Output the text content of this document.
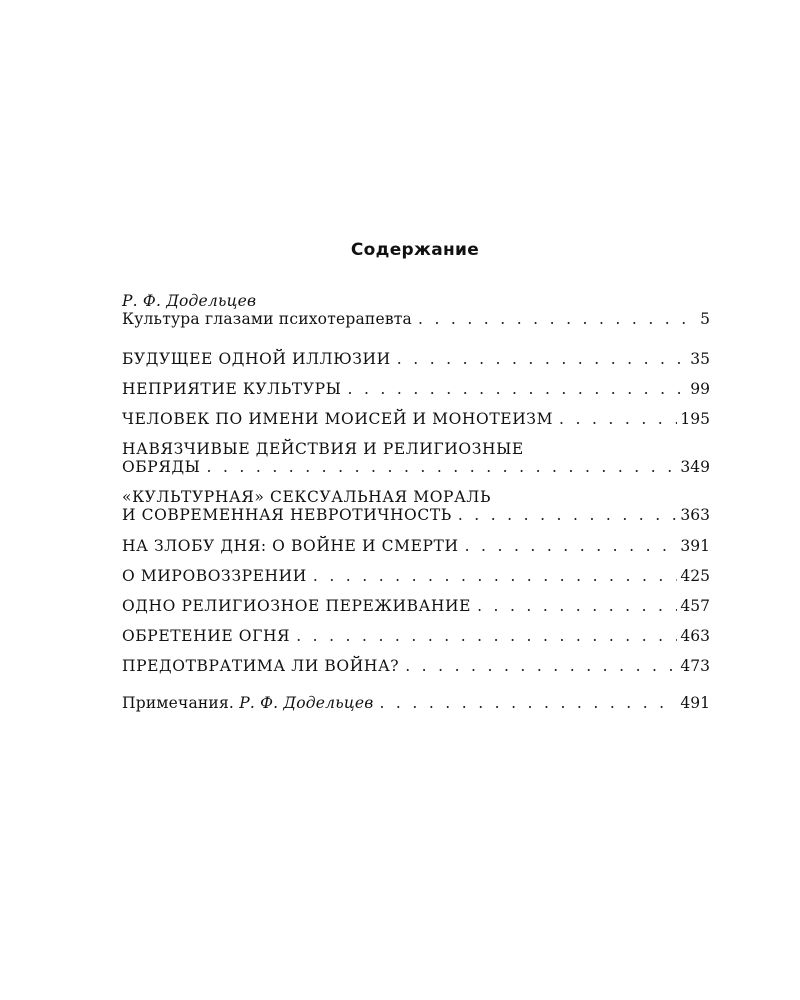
Содержание
Р. Ф. Додельцев
Культура глазами психотерапевта . . .	5
БУДУЩЕЕ ОДНОЙ ИЛЛЮЗИИ . . .	35
НЕПРИЯТИЕ КУЛЬТУРЫ . . .	99
ЧЕЛОВЕК ПО ИМЕНИ МОИСЕЙ И МОНОТЕИЗМ . . .	195
НАВЯЗЧИВЫЕ ДЕЙСТВИЯ И РЕЛИГИОЗНЫЕ
ОБРЯДЫ . . .	349
«КУЛЬТУРНАЯ» СЕКСУАЛЬНАЯ МОРАЛЬ
И СОВРЕМЕННАЯ НЕВРОТИЧНОСТЬ . . .	363
НА ЗЛОБУ ДНЯ: О ВОЙНЕ И СМЕРТИ . . .	391
О МИРОВОЗЗРЕНИИ . . .	425
ОДНО РЕЛИГИОЗНОЕ ПЕРЕЖИВАНИЕ . . .	457
ОБРЕТЕНИЕ ОГНЯ . . .	463
ПРЕДОТВРАТИМА ЛИ ВОЙНА? . . .	473
Примечания. Р. Ф. Додельцев . . .	491
